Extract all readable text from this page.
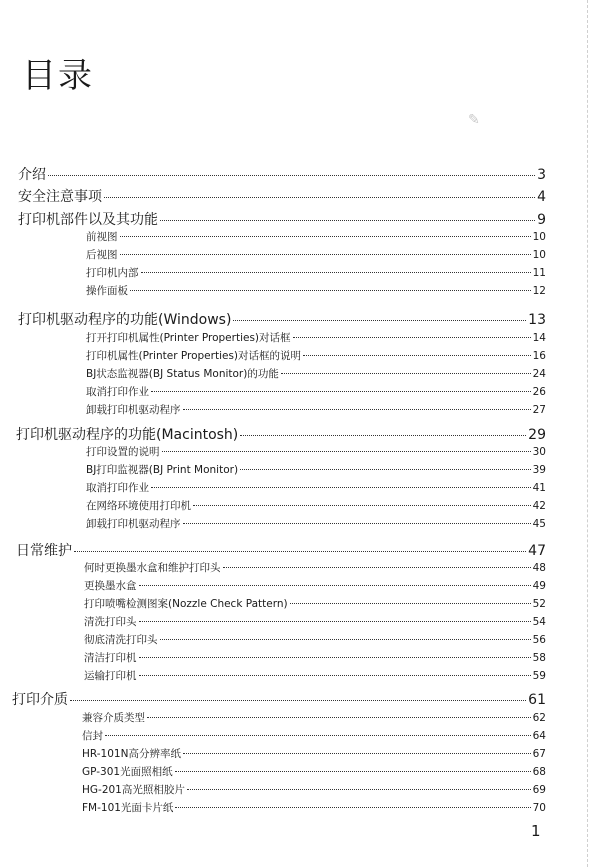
✎
目录
介绍	3
安全注意事项	4
打印机部件以及其功能	9
前视图	10
后视图	10
打印机内部	11
操作面板	12
打印机驱动程序的功能(Windows)	13
打开打印机属性(Printer Properties)对话框	14
打印机属性(Printer Properties)对话框的说明	16
BJ状态监视器(BJ Status Monitor)的功能	24
取消打印作业	26
卸载打印机驱动程序	27
打印机驱动程序的功能(Macintosh)	29
打印设置的说明	30
BJ打印监视器(BJ Print Monitor)	39
取消打印作业	41
在网络环境使用打印机	42
卸载打印机驱动程序	45
日常维护	47
何时更换墨水盒和维护打印头	48
更换墨水盒	49
打印喷嘴检测图案(Nozzle Check Pattern)	52
清洗打印头	54
彻底清洗打印头	56
清洁打印机	58
运输打印机	59
打印介质	61
兼容介质类型	62
信封	64
HR-101N高分辨率纸	67
GP-301光面照相纸	68
HG-201高光照相胶片	69
FM-101光面卡片纸	70
1
